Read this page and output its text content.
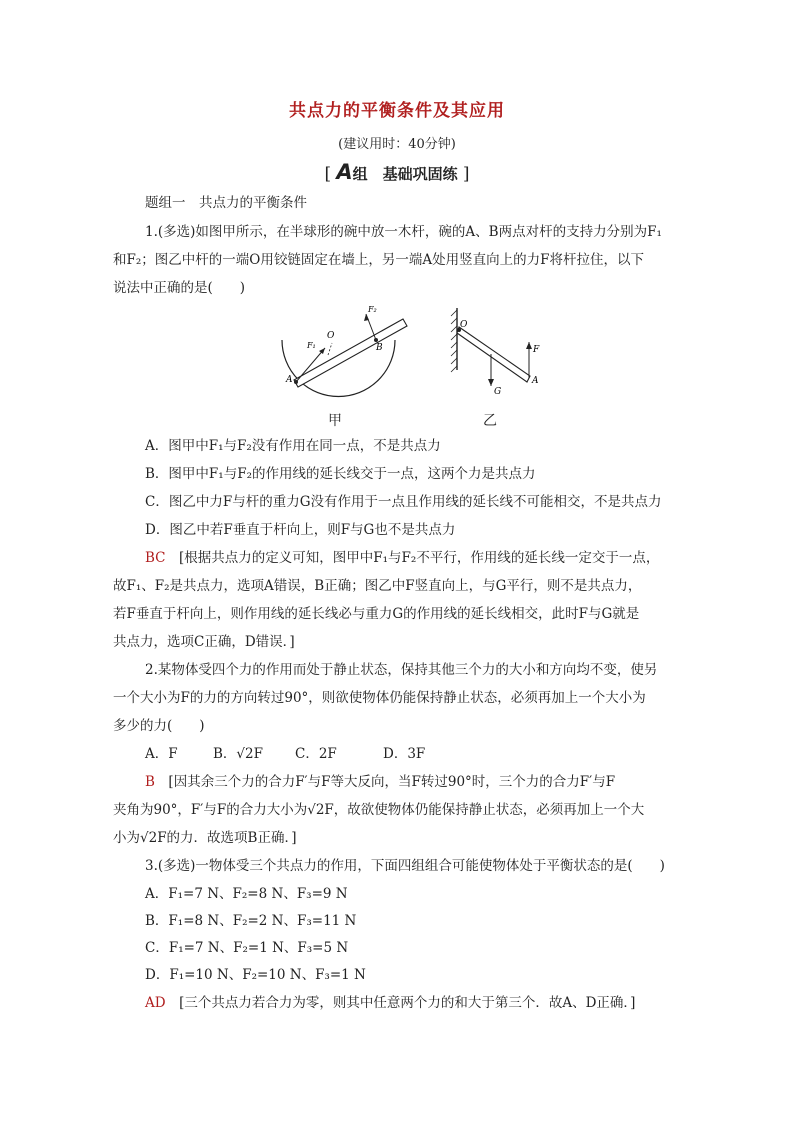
共点力的平衡条件及其应用
(建议用时：40分钟)
[ A组　基础巩固练 ]
题组一　共点力的平衡条件
1.(多选)如图甲所示，在半球形的碗中放一木杆，碗的A、B两点对杆的支持力分别为F₁
和F₂；图乙中杆的一端O用铰链固定在墙上，另一端A处用竖直向上的力F将杆拉住，以下
说法中正确的是(　　)
A
B
O
F₁
F₂
O
F
G
A
甲	乙
A．图甲中F₁与F₂没有作用在同一点，不是共点力
B．图甲中F₁与F₂的作用线的延长线交于一点，这两个力是共点力
C．图乙中力F与杆的重力G没有作用于一点且作用线的延长线不可能相交，不是共点力
D．图乙中若F垂直于杆向上，则F与G也不是共点力
BC　 [根据共点力的定义可知，图甲中F₁与F₂不平行，作用线的延长线一定交于一点，
故F₁、F₂是共点力，选项A错误，B正确；图乙中F竖直向上，与G平行，则不是共点力，
若F垂直于杆向上，则作用线的延长线必与重力G的作用线的延长线相交，此时F与G就是
共点力，选项C正确，D错误．]
2.某物体受四个力的作用而处于静止状态，保持其他三个力的大小和方向均不变，使另
一个大小为F的力的方向转过90°，则欲使物体仍能保持静止状态，必须再加上一个大小为
多少的力(　　)
A．F	B．√2F C．2F	D．3F
B　 [因其余三个力的合力F′与F等大反向，当F转过90°时，三个力的合力F′与F
夹角为90°，F′与F的合力大小为√2F，故欲使物体仍能保持静止状态，必须再加上一个大
小为√2F的力．故选项B正确．]
3.(多选)一物体受三个共点力的作用，下面四组组合可能使物体处于平衡状态的是(　　)
A．F₁=7 N、F₂=8 N、F₃=9 N
B．F₁=8 N、F₂=2 N、F₃=11 N
C．F₁=7 N、F₂=1 N、F₃=5 N
D．F₁=10 N、F₂=10 N、F₃=1 N
AD　 [三个共点力若合力为零，则其中任意两个力的和大于第三个．故A、D正确．]
